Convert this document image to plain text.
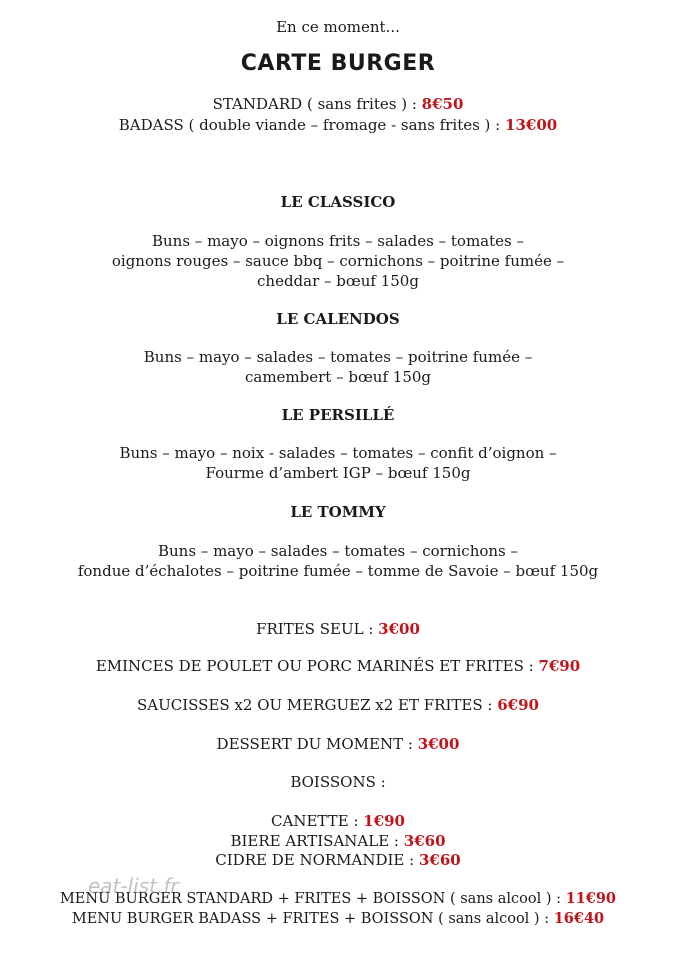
En ce moment...
CARTE BURGER
STANDARD ( sans frites ) : 8€50
BADASS ( double viande – fromage - sans frites ) : 13€00
LE CLASSICO
Buns – mayo – oignons frits – salades – tomates –
oignons rouges – sauce bbq – cornichons – poitrine fumée –
cheddar – bœuf 150g
LE CALENDOS
Buns – mayo – salades – tomates – poitrine fumée –
camembert – bœuf 150g
LE PERSILLÉ
Buns – mayo – noix - salades – tomates – confit d’oignon –
Fourme d’ambert IGP – bœuf 150g
LE TOMMY
Buns – mayo – salades – tomates – cornichons –
fondue d’échalotes – poitrine fumée – tomme de Savoie – bœuf 150g
FRITES SEUL : 3€00
EMINCES DE POULET OU PORC MARINÉS ET FRITES : 7€90
SAUCISSES x2 OU MERGUEZ x2 ET FRITES : 6€90
DESSERT DU MOMENT : 3€00
BOISSONS :
CANETTE : 1€90
BIERE ARTISANALE : 3€60
CIDRE DE NORMANDIE : 3€60
MENU BURGER STANDARD + FRITES + BOISSON ( sans alcool ) : 11€90
MENU BURGER BADASS + FRITES + BOISSON ( sans alcool ) : 16€40
eat-list.fr
